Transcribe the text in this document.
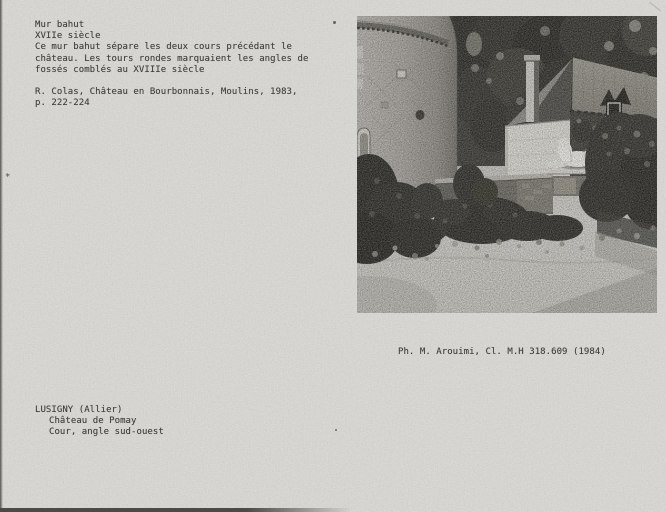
Mur bahut
XVIIe siècle
Ce mur bahut sépare les deux cours précédant le
château. Les tours rondes marquaient les angles de
fossés comblés au XVIIIe siècle
R. Colas, Château en Bourbonnais, Moulins, 1983,
p. 222-224
Ph. M. Arouimi, Cl. M.H 318.609 (1984)
LUSIGNY (Allier)
Château de Pomay
Cour, angle sud-ouest
∗
